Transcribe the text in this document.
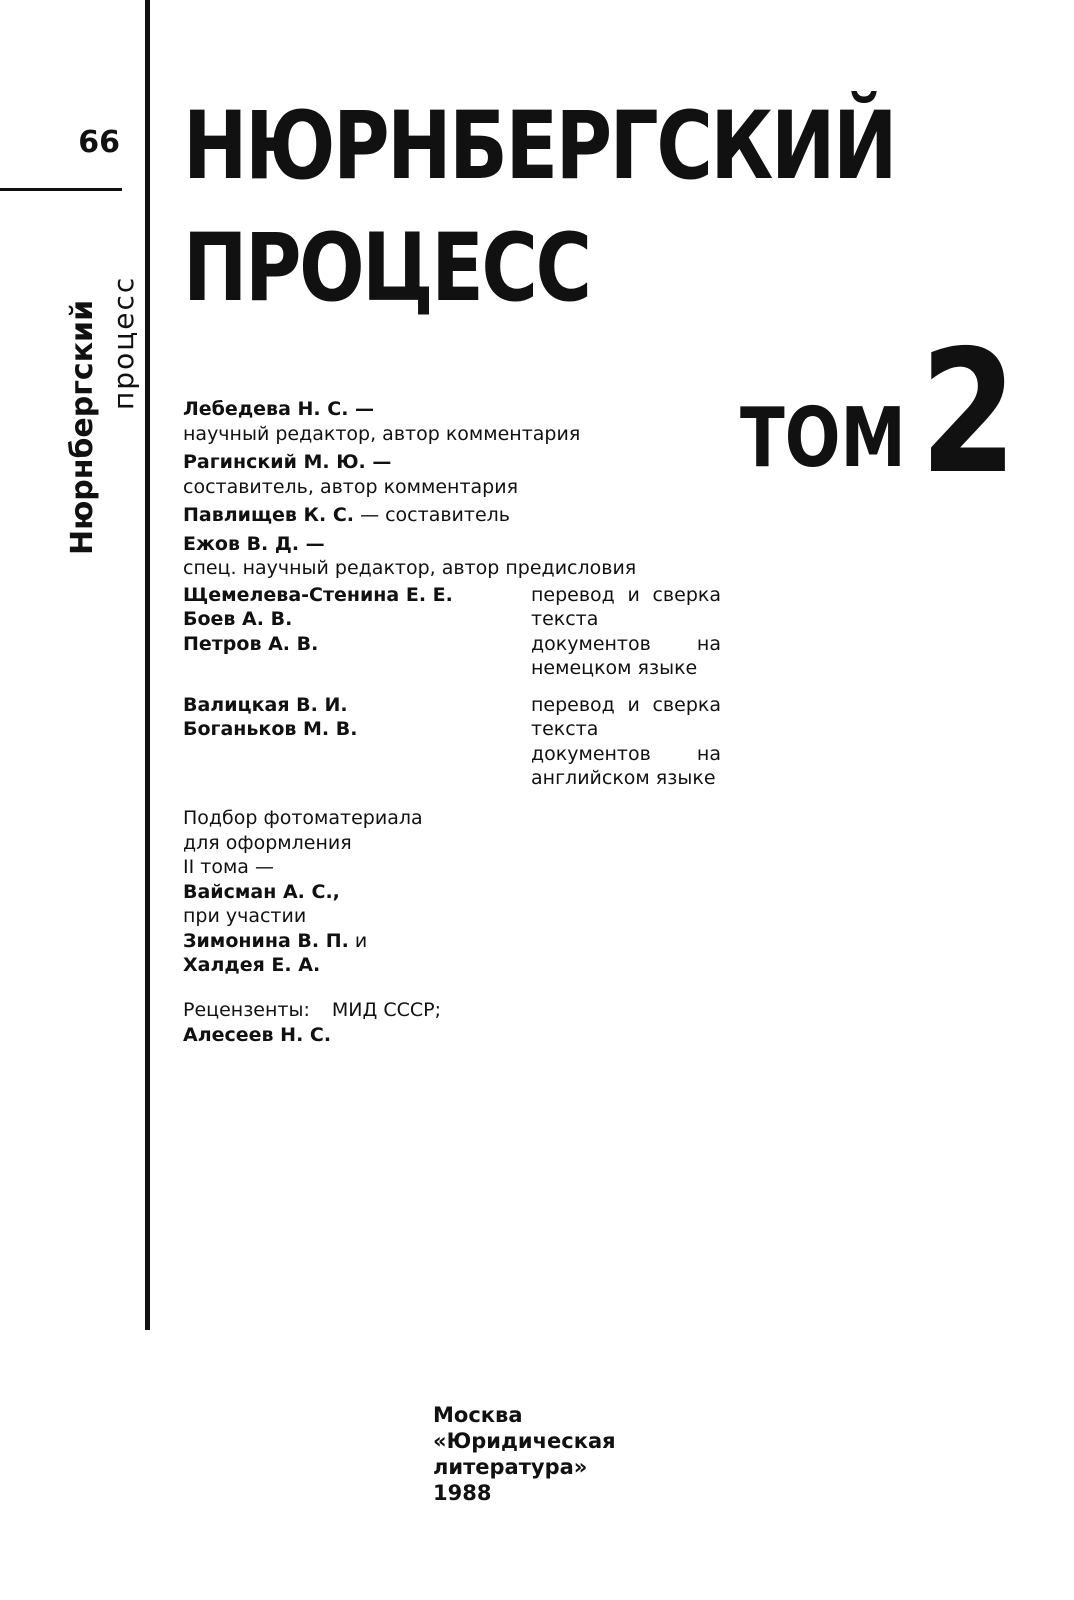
66
Нюрнбергский процесс
НЮРНБЕРГСКИЙ
ПРОЦЕСС
ТОМ 2
Лебедева Н. С. —
научный редактор, автор комментария
Рагинский М. Ю. —
составитель, автор комментария
Павлищев К. С. — составитель
Ежов В. Д. —
спец. научный редактор, автор предисловия
Щемелева-Стенина Е. Е.
Боев А. В.
Петров А. В.
перевод и сверка текста документов на немецком языке
Валицкая В. И.
Боганьков М. В.
перевод и сверка текста документов на английском языке
Подбор фотоматериала
для оформления
II тома —
Вайсман А. С.,
при участии
Зимонина В. П. и
Халдея Е. А.
Рецензенты: МИД СССР;
Алесеев Н. С.
Москва
«Юридическая
литература»
1988
